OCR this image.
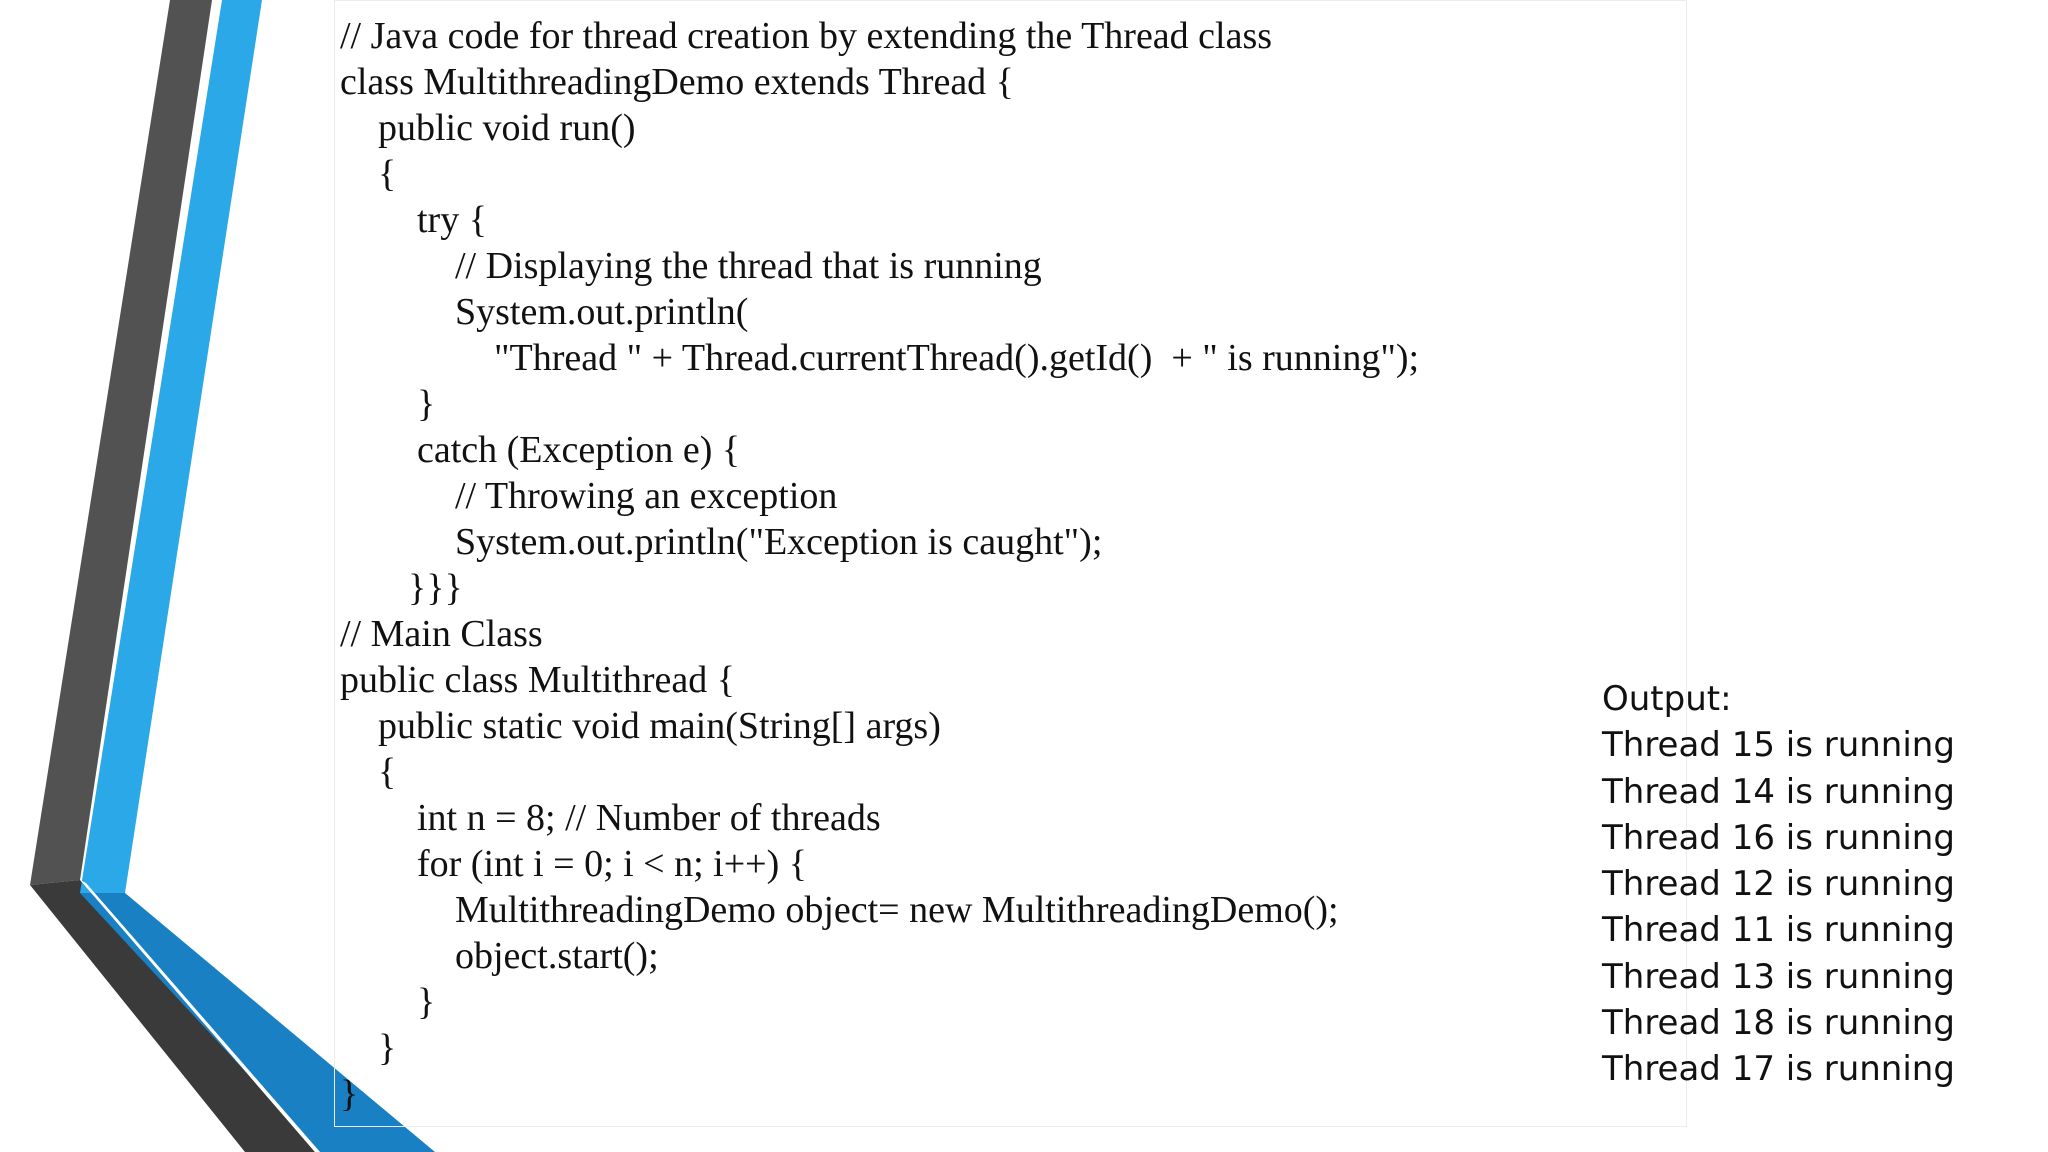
// Java code for thread creation by extending the Thread class
class MultithreadingDemo extends Thread {
public void run()
{
try {
// Displaying the thread that is running
System.out.println(
"Thread " + Thread.currentThread().getId()  + " is running");
}
catch (Exception e) {
// Throwing an exception
System.out.println("Exception is caught");
}}}
// Main Class
public class Multithread {
public static void main(String[] args)
{
int n = 8; // Number of threads
for (int i = 0; i < n; i++) {
MultithreadingDemo object= new MultithreadingDemo();
object.start();
}
}
}
Output:
Thread 15 is running
Thread 14 is running
Thread 16 is running
Thread 12 is running
Thread 11 is running
Thread 13 is running
Thread 18 is running
Thread 17 is running
